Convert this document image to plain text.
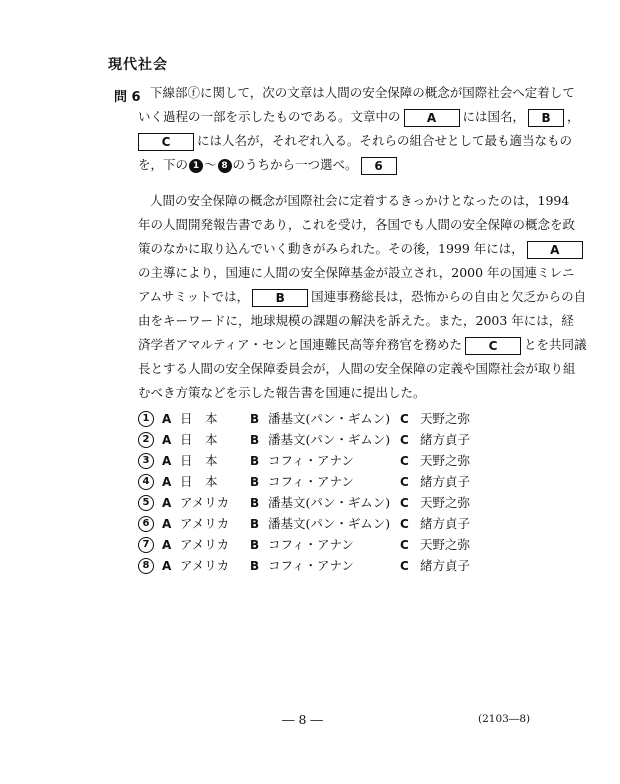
現代社会
問 6 下線部ⓕに関して，次の文章は人間の安全保障の概念が国際社会へ定着して
いく過程の一部を示したものである。文章中の A には国名， B ，
C には人名が，それぞれ入る。それらの組合せとして最も適当なもの
を，下の 1 ～ 8 のうちから一つ選べ。 6
人間の安全保障の概念が国際社会に定着するきっかけとなったのは，1994
年の人間開発報告書であり，これを受け，各国でも人間の安全保障の概念を政
策のなかに取り込んでいく動きがみられた。その後，1999 年には， A
の主導により，国連に人間の安全保障基金が設立され，2000 年の国連ミレニ
アムサミットでは， B 国連事務総長は，恐怖からの自由と欠乏からの自
由をキーワードに，地球規模の課題の解決を訴えた。また，2003 年には，経
済学者アマルティア・センと国連難民高等弁務官を務めた C とを共同議
長とする人間の安全保障委員会が，人間の安全保障の定義や国際社会が取り組
むべき方策などを示した報告書を国連に提出した。
1	A 日　本	B 潘基文(パン・ギムン) C 天野之弥
2	A 日　本	B 潘基文(パン・ギムン) C 緒方貞子
3	A 日　本	B コフィ・アナン	C 天野之弥
4	A 日　本	B コフィ・アナン	C 緒方貞子
5	A アメリカ B 潘基文(パン・ギムン) C 天野之弥
6	A アメリカ B 潘基文(パン・ギムン) C 緒方貞子
7	A アメリカ B コフィ・アナン	C 天野之弥
8	A アメリカ B コフィ・アナン	C 緒方貞子
― 8 ―	(2103―8)
